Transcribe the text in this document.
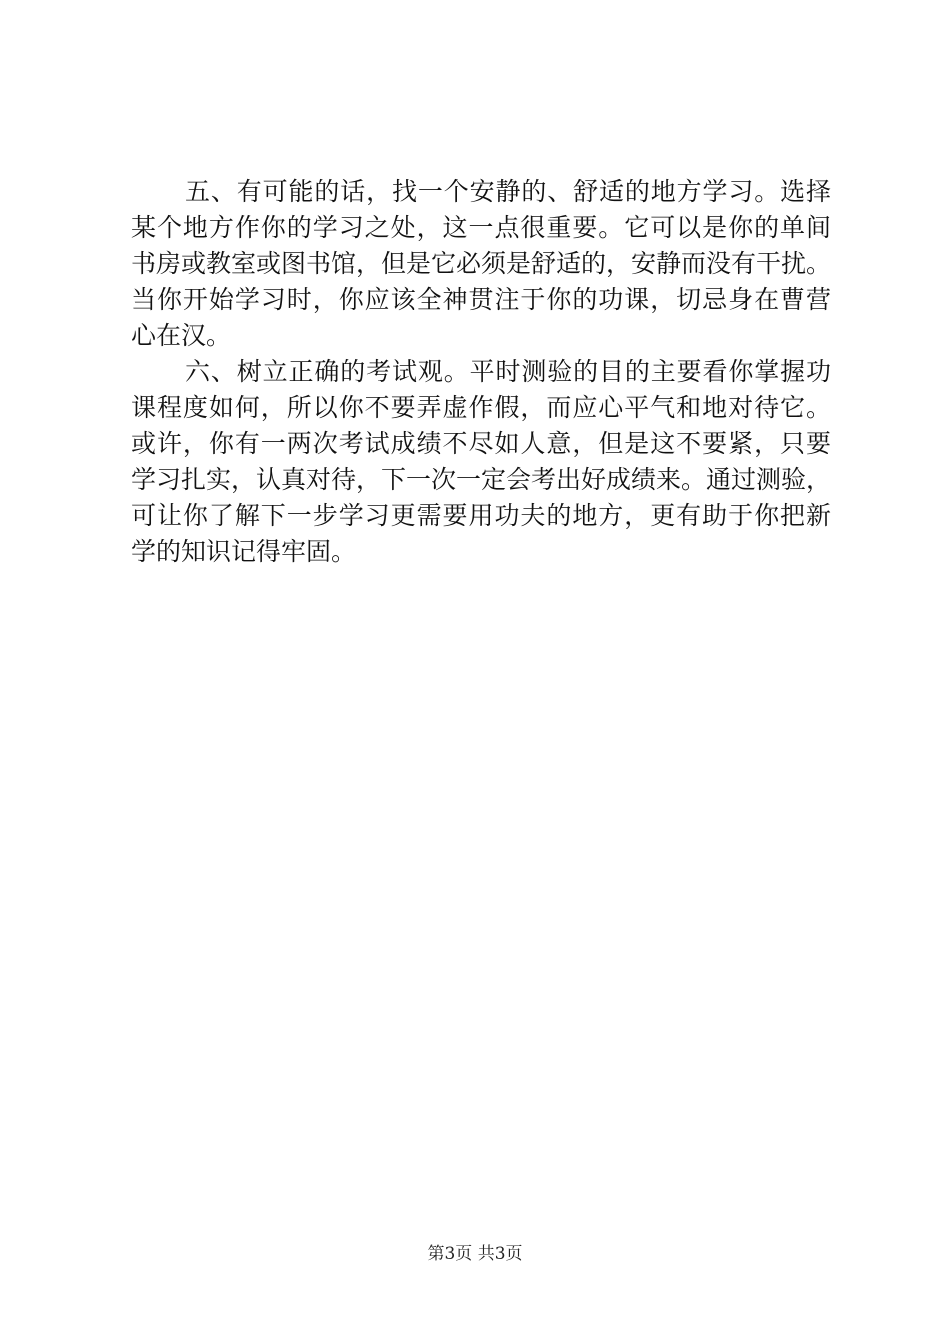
五、有可能的话，找一个安静的、舒适的地方学习。选择
某个地方作你的学习之处，这一点很重要。它可以是你的单间
书房或教室或图书馆，但是它必须是舒适的，安静而没有干扰。
当你开始学习时，你应该全神贯注于你的功课，切忌身在曹营
心在汉。
六、树立正确的考试观。平时测验的目的主要看你掌握功
课程度如何，所以你不要弄虚作假，而应心平气和地对待它。
或许，你有一两次考试成绩不尽如人意，但是这不要紧，只要
学习扎实，认真对待，下一次一定会考出好成绩来。通过测验，
可让你了解下一步学习更需要用功夫的地方，更有助于你把新
学的知识记得牢固。
第3页 共3页
